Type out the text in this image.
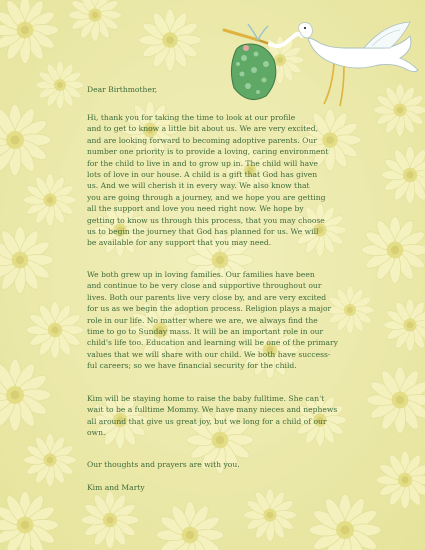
Dear Birthmother,

Hi, thank you for taking the time to look at our profile
and to get to know a little bit about us. We are very excited,
and are looking forward to becoming adoptive parents. Our
number one priority is to provide a loving, caring environment
for the child to live in and to grow up in. The child will have
lots of love in our house. A child is a gift that God has given
us. And we will cherish it in every way. We also know that
you are going through a journey, and we hope you are getting
all the support and love you need right now. We hope by
getting to know us through this process, that you may choose
us to begin the journey that God has planned for us. We will
be available for any support that you may need.

We both grew up in loving families. Our families have been
and continue to be very close and supportive throughout our
lives. Both our parents live very close by, and are very excited
for us as we begin the adoption process. Religion plays a major
role in our life. No matter where we are, we always find the
time to go to Sunday mass. It will be an important role in our
child's life too. Education and learning will be one of the primary
values that we will share with our child. We both have success-
ful careers; so we have financial security for the child.

Kim will be staying home to raise the baby fulltime. She can't
wait to be a fulltime Mommy. We have many nieces and nephews
all around that give us great joy, but we long for a child of our
own.

Our thoughts and prayers are with you.

Kim and Marty
